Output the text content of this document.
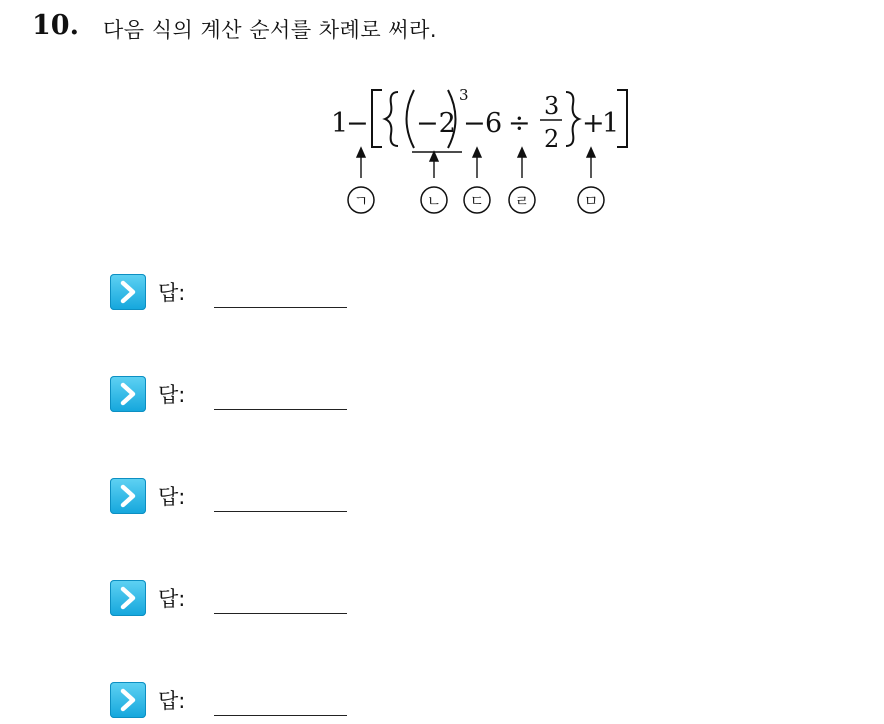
10. 다음 식의 계산 순서를 차례로 써라.
1
− −2
3
− 6 ÷
3
2 +
1
ㄱ	ㄴ ㄷ ㄹ	ㅁ
답:
답:
답:
답:
답:
